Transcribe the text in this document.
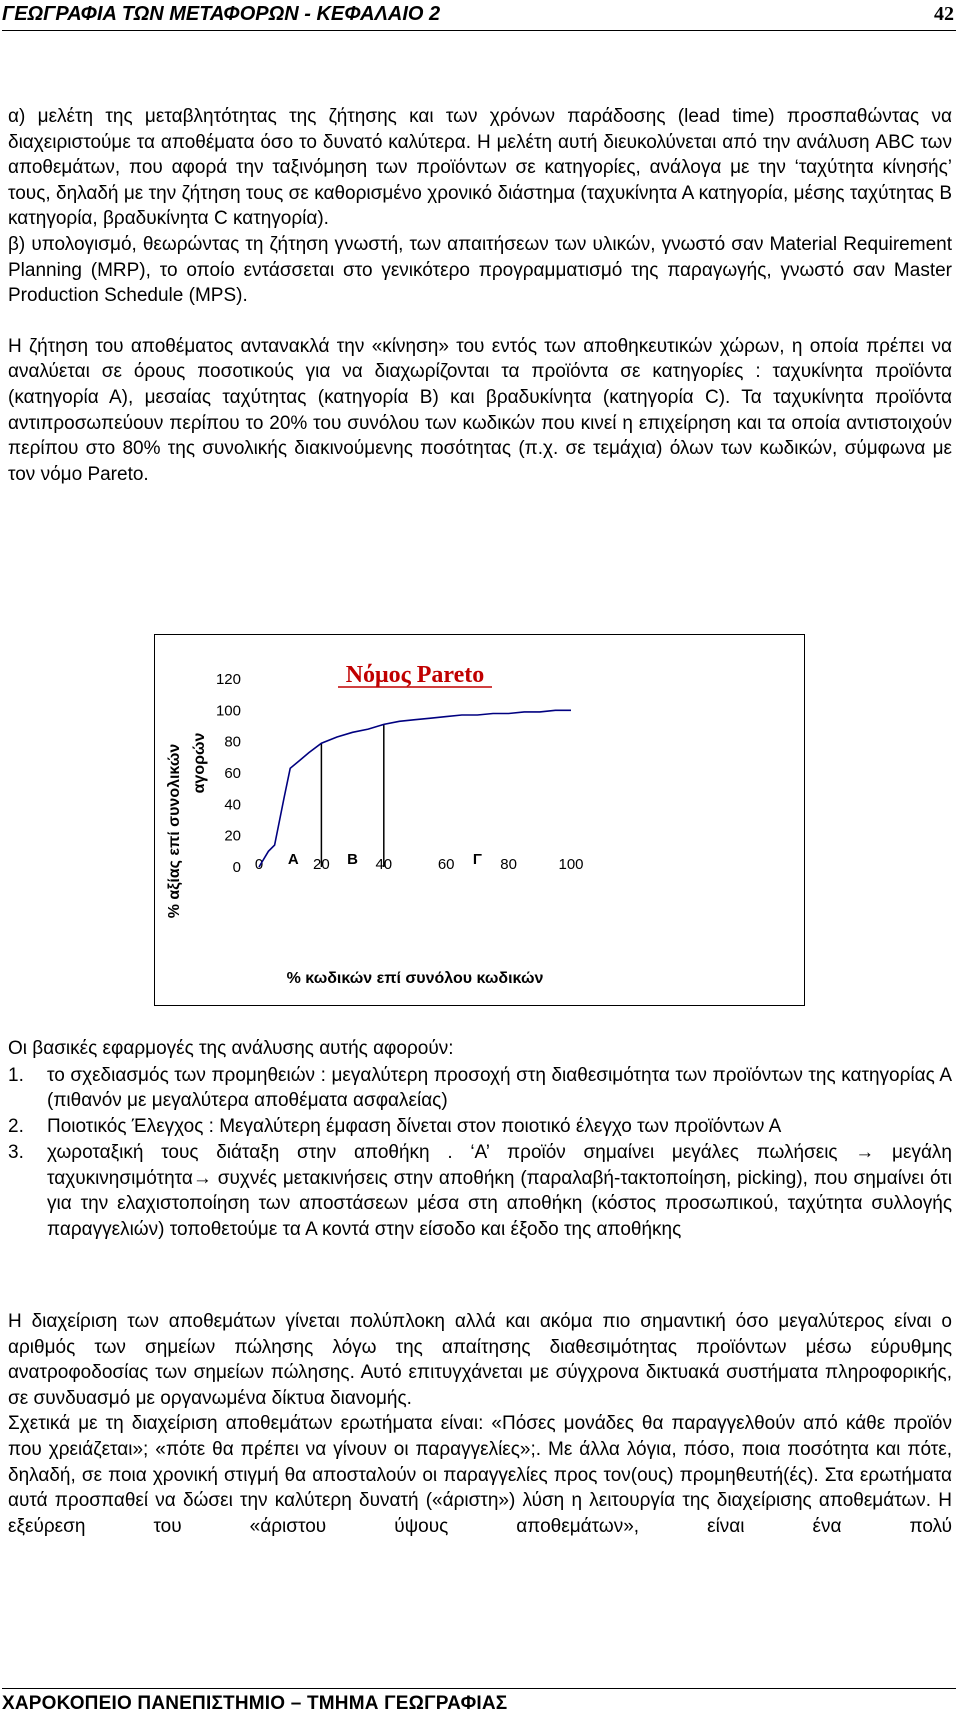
ΓΕΩΓΡΑΦΙΑ ΤΩΝ ΜΕΤΑΦΟΡΩΝ - ΚΕΦΑΛΑΙΟ 2	42

α) μελέτη της μεταβλητότητας της ζήτησης και των χρόνων παράδοσης (lead time) προσπαθώντας να διαχειριστούμε τα αποθέματα όσο το δυνατό καλύτερα. Η μελέτη αυτή διευκολύνεται από την ανάλυση ABC των αποθεμάτων, που αφορά την ταξινόμηση των προϊόντων σε κατηγορίες, ανάλογα με την ‘ταχύτητα κίνησής’ τους, δηλαδή με την ζήτηση τους σε καθορισμένο χρονικό διάστημα (ταχυκίνητα Α κατηγορία, μέσης ταχύτητας Β κατηγορία, βραδυκίνητα C κατηγορία).

β) υπολογισμό, θεωρώντας τη ζήτηση γνωστή, των απαιτήσεων των υλικών, γνωστό σαν Material Requirement Planning (MRP), το οποίο εντάσσεται στο γενικότερο προγραμματισμό της παραγωγής, γνωστό σαν Master Production Schedule (MPS).

Η ζήτηση του αποθέματος αντανακλά την «κίνηση» του εντός των αποθηκευτικών χώρων, η οποία πρέπει να αναλύεται σε όρους ποσοτικούς για να διαχωρίζονται τα προϊόντα σε κατηγορίες : ταχυκίνητα προϊόντα (κατηγορία Α), μεσαίας ταχύτητας (κατηγορία Β) και βραδυκίνητα (κατηγορία C). Τα ταχυκίνητα προϊόντα αντιπροσωπεύουν περίπου το 20% του συνόλου των κωδικών που κινεί η επιχείρηση και τα οποία αντιστοιχούν περίπου στο 80% της συνολικής διακινούμενης ποσότητας (π.χ. σε τεμάχια) όλων των κωδικών, σύμφωνα με τον νόμο Pareto.

Νόμος Pareto
% αξίας επί συνολικών αγορών
0
20
40
60
80
100
120
0	20	40	60	80	100
Α	Β	Γ
% κωδικών επί συνόλου κωδικών

Οι βασικές εφαρμογές της ανάλυσης αυτής αφορούν:

1. το σχεδιασμός των προμηθειών : μεγαλύτερη προσοχή στη διαθεσιμότητα των προϊόντων της κατηγορίας Α (πιθανόν με μεγαλύτερα αποθέματα ασφαλείας)
2. Ποιοτικός Έλεγχος : Μεγαλύτερη έμφαση δίνεται στον ποιοτικό έλεγχο των προϊόντων Α
3. χωροταξική τους διάταξη στην αποθήκη . ‘Α’ προϊόν σημαίνει μεγάλες πωλήσεις → μεγάλη ταχυκινησιμότητα→ συχνές μετακινήσεις στην αποθήκη (παραλαβή-τακτοποίηση, picking), που σημαίνει ότι για την ελαχιστοποίηση των αποστάσεων μέσα στη αποθήκη (κόστος προσωπικού, ταχύτητα συλλογής παραγγελιών) τοποθετούμε τα Α κοντά στην είσοδο και έξοδο της αποθήκης

Η διαχείριση των αποθεμάτων γίνεται πολύπλοκη αλλά και ακόμα πιο σημαντική όσο μεγαλύτερος είναι ο αριθμός των σημείων πώλησης λόγω της απαίτησης διαθεσιμότητας προϊόντων μέσω εύρυθμης ανατροφοδοσίας των σημείων πώλησης. Αυτό επιτυγχάνεται με σύγχρονα δικτυακά συστήματα πληροφορικής, σε συνδυασμό με οργανωμένα δίκτυα διανομής.

Σχετικά με τη διαχείριση αποθεμάτων ερωτήματα είναι: «Πόσες μονάδες θα παραγγελθούν από κάθε προϊόν που χρειάζεται»; «πότε θα πρέπει να γίνουν οι παραγγελίες»;. Με άλλα λόγια, πόσο, ποια ποσότητα και πότε, δηλαδή, σε ποια χρονική στιγμή θα αποσταλούν οι παραγγελίες προς τον(ους) προμηθευτή(ές). Στα ερωτήματα αυτά προσπαθεί να δώσει την καλύτερη δυνατή («άριστη») λύση η λειτουργία της διαχείρισης αποθεμάτων. Η εξεύρεση του «άριστου ύψους αποθεμάτων», είναι ένα πολύ

ΧΑΡΟΚΟΠΕΙΟ ΠΑΝΕΠΙΣΤΗΜΙΟ – ΤΜΗΜΑ ΓΕΩΓΡΑΦΙΑΣ
